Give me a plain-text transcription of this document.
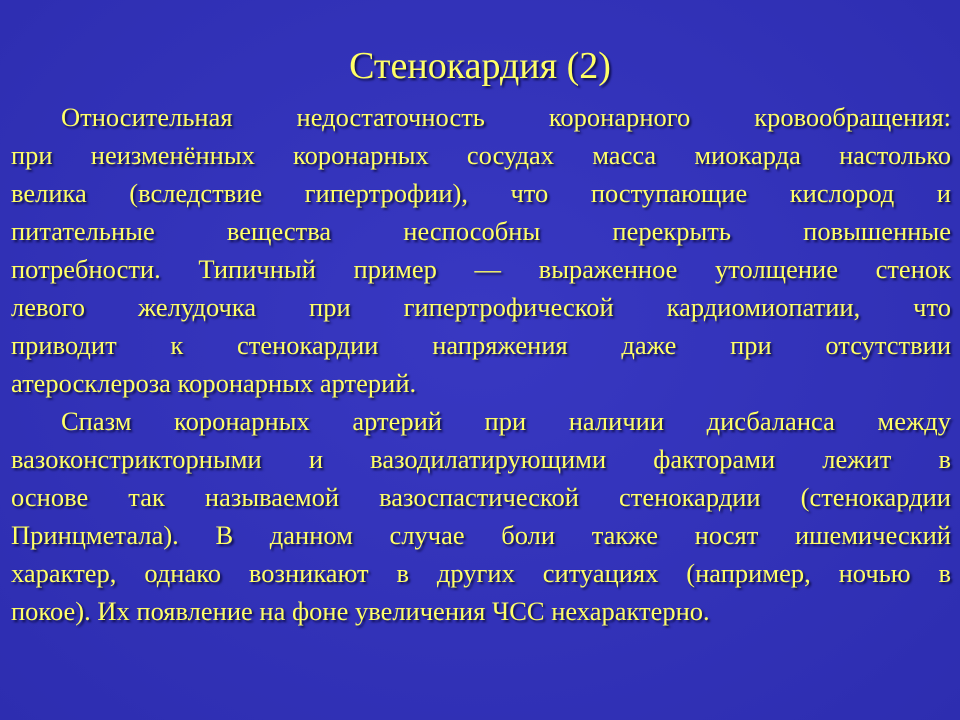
Стенокардия (2)
Относительная недостаточность коронарного кровообращения:
при неизменённых коронарных сосудах масса миокарда настолько
велика (вследствие гипертрофии), что поступающие кислород и
питательные вещества неспособны перекрыть повышенные
потребности. Типичный пример — выраженное утолщение стенок
левого желудочка при гипертрофической кардиомиопатии, что
приводит к стенокардии напряжения даже при отсутствии
атеросклероза коронарных артерий.
Спазм коронарных артерий при наличии дисбаланса между
вазоконстрикторными и вазодилатирующими факторами лежит в
основе так называемой вазоспастической стенокардии (стенокардии
Принцметала). В данном случае боли также носят ишемический
характер, однако возникают в других ситуациях (например, ночью в
покое). Их появление на фоне увеличения ЧСС нехарактерно.
